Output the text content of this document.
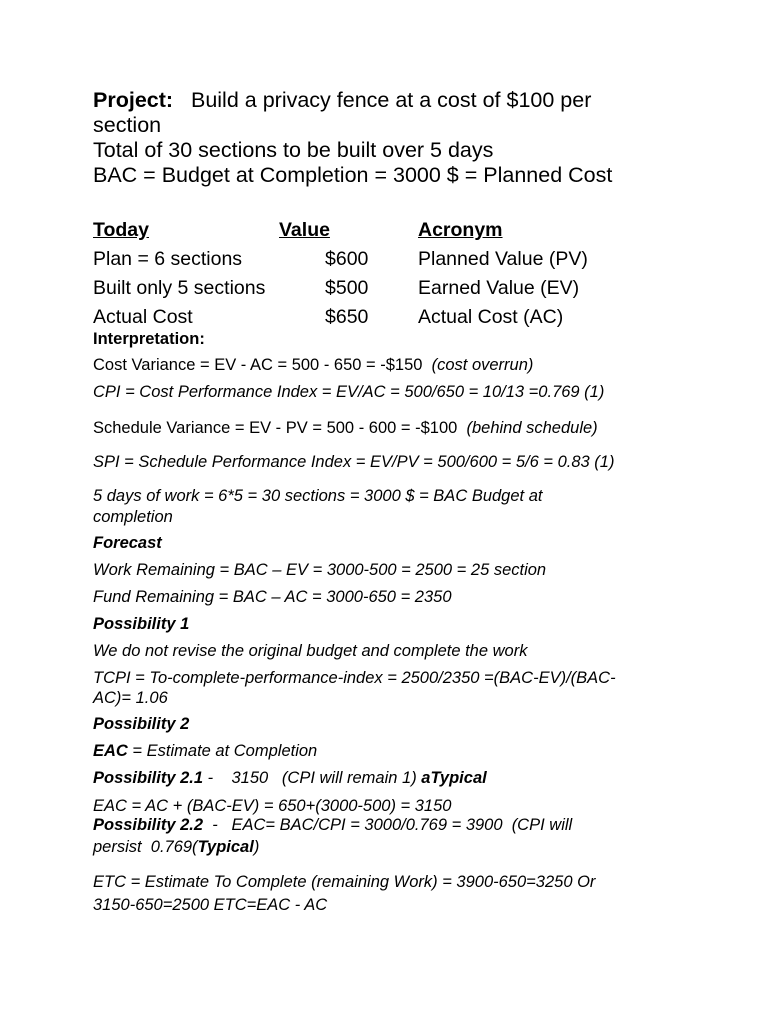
Project: Build a privacy fence at a cost of $100 per
section
Total of 30 sections to be built over 5 days
BAC = Budget at Completion = 3000 $ = Planned Cost
Today	Value	Acronym
Plan = 6 sections	$600	Planned Value (PV)
Built only 5 sections	$500	Earned Value (EV)
Actual Cost	$650	Actual Cost (AC)
Interpretation:
Cost Variance = EV - AC = 500 - 650 = -$150 (cost overrun)
CPI = Cost Performance Index = EV/AC = 500/650 = 10/13 =0.769 (1)
Schedule Variance = EV - PV = 500 - 600 = -$100 (behind schedule)
SPI = Schedule Performance Index = EV/PV = 500/600 = 5/6 = 0.83 (1)
5 days of work = 6*5 = 30 sections = 3000 $ = BAC Budget at
completion
Forecast
Work Remaining = BAC – EV = 3000-500 = 2500 = 25 section
Fund Remaining = BAC – AC = 3000-650 = 2350
Possibility 1
We do not revise the original budget and complete the work
TCPI = To-complete-performance-index = 2500/2350 =(BAC-EV)/(BAC-
AC)= 1.06
Possibility 2
EAC = Estimate at Completion
Possibility 2.1 -    3150   (CPI will remain 1) aTypical
EAC = AC + (BAC-EV) = 650+(3000-500) = 3150
Possibility 2.2  -   EAC= BAC/CPI = 3000/0.769 = 3900  (CPI will
persist  0.769(Typical)
ETC = Estimate To Complete (remaining Work) = 3900-650=3250 Or
3150-650=2500 ETC=EAC - AC
